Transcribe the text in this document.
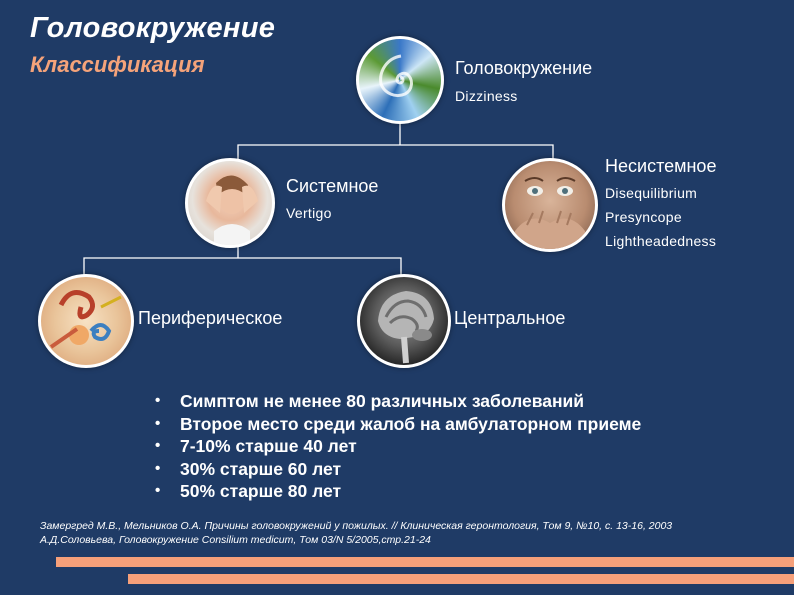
Головокружение
Классификация	Головокружение
Dizziness
Системное
Vertigo
Несистемное
Disequilibrium
Presyncope
Lightheadedness
Периферическое	Центральное
• Симптом не менее 80 различных заболеваний
• Второе место среди жалоб на амбулаторном приеме
• 7-10% старше 40 лет
• 30% старше 60 лет
• 50% старше 80 лет
Замергред М.В., Мельников О.А. Причины головокружений у пожилых. // Клиническая геронтология, Том 9, №10, с. 13-16, 2003
А.Д.Соловьева, Головокружение Consilium medicum, Том 03/N 5/2005,стр.21-24
